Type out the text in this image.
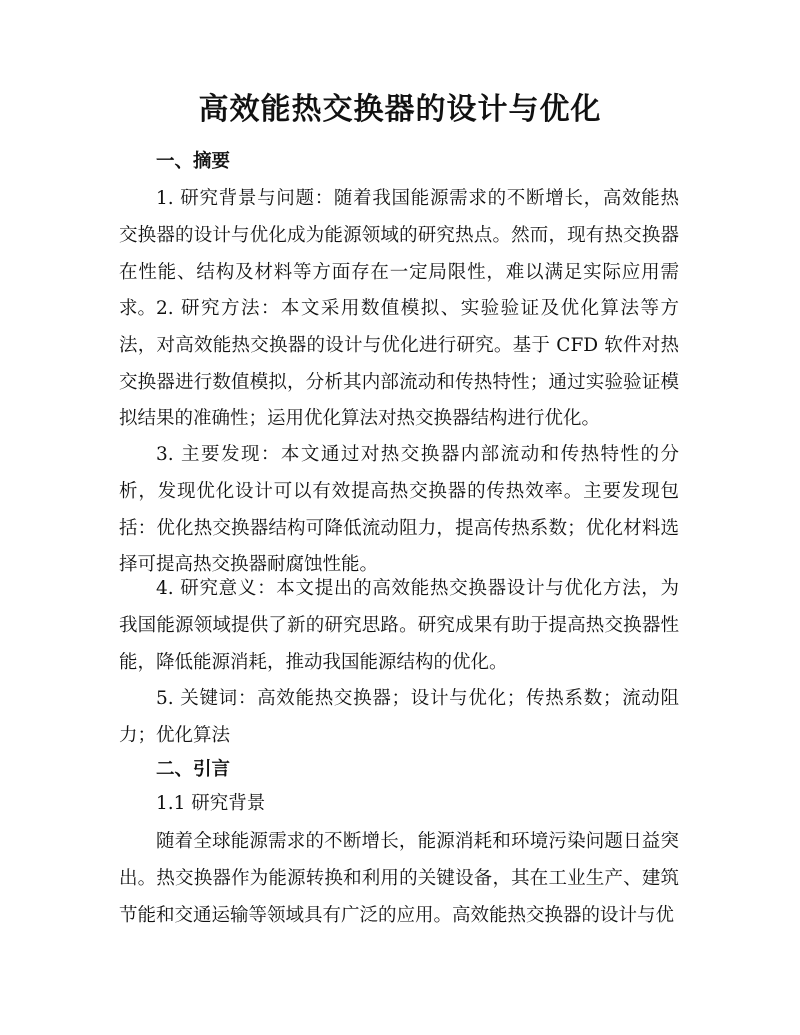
高效能热交换器的设计与优化
一、摘要

1. 研究背景与问题：随着我国能源需求的不断增长，高效能热交换器的设计与优化成为能源领域的研究热点。然而，现有热交换器在性能、结构及材料等方面存在一定局限性，难以满足实际应用需求。 2. 研究方法：本文采用数值模拟、实验验证及优化算法等方法，对高效能热交换器的设计与优化进行研究。基于 CFD 软件对热交换器进行数值模拟，分析其内部流动和传热特性；通过实验验证模拟结果的准确性；运用优化算法对热交换器结构进行优化。

3. 主要发现：本文通过对热交换器内部流动和传热特性的分析，发现优化设计可以有效提高热交换器的传热效率。主要发现包括：优化热交换器结构可降低流动阻力，提高传热系数；优化材料选择可提高热交换器耐腐蚀性能。

4. 研究意义：本文提出的高效能热交换器设计与优化方法，为我国能源领域提供了新的研究思路。研究成果有助于提高热交换器性能，降低能源消耗，推动我国能源结构的优化。

5. 关键词：高效能热交换器；设计与优化；传热系数；流动阻力；优化算法

二、引言
1.1 研究背景

随着全球能源需求的不断增长，能源消耗和环境污染问题日益突出。热交换器作为能源转换和利用的关键设备，其在工业生产、建筑节能和交通运输等领域具有广泛的应用。高效能热交换器的设计与优
